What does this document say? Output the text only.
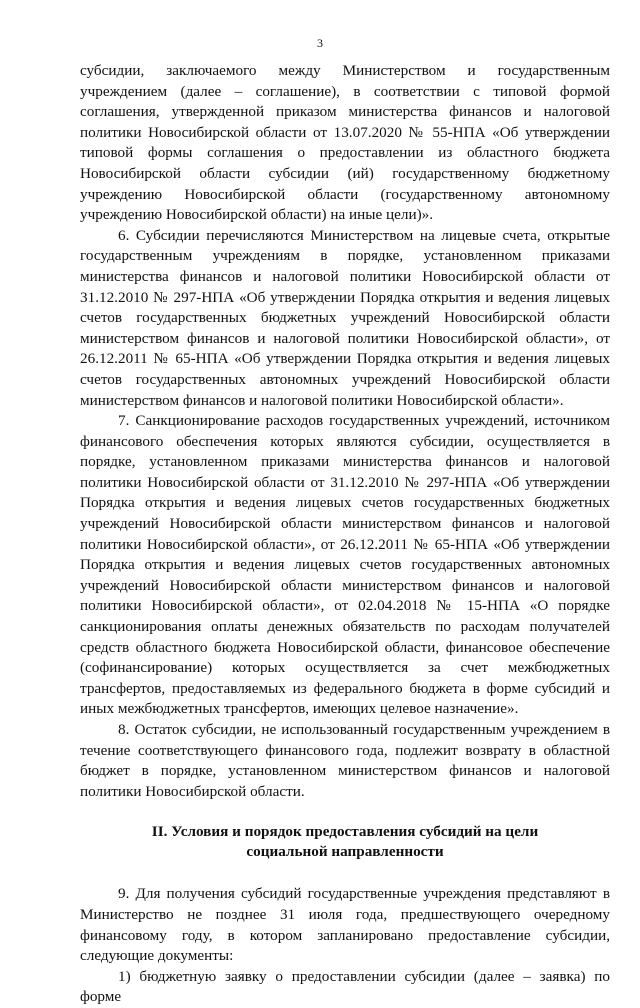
3

субсидии, заключаемого между Министерством и государственным учреждением (далее – соглашение), в соответствии с типовой формой соглашения, утвержденной приказом министерства финансов и налоговой политики Новосибирской области от 13.07.2020 № 55-НПА «Об утверждении типовой формы соглашения о предоставлении из областного бюджета Новосибирской области субсидии (ий) государственному бюджетному учреждению Новосибирской области (государственному автономному учреждению Новосибирской области) на иные цели)».

6. Субсидии перечисляются Министерством на лицевые счета, открытые государственным учреждениям в порядке, установленном приказами министерства финансов и налоговой политики Новосибирской области от 31.12.2010 № 297-НПА «Об утверждении Порядка открытия и ведения лицевых счетов государственных бюджетных учреждений Новосибирской области министерством финансов и налоговой политики Новосибирской области», от 26.12.2011 № 65-НПА «Об утверждении Порядка открытия и ведения лицевых счетов государственных автономных учреждений Новосибирской области министерством финансов и налоговой политики Новосибирской области».

7. Санкционирование расходов государственных учреждений, источником финансового обеспечения которых являются субсидии, осуществляется в порядке, установленном приказами министерства финансов и налоговой политики Новосибирской области от 31.12.2010 № 297-НПА «Об утверждении Порядка открытия и ведения лицевых счетов государственных бюджетных учреждений Новосибирской области министерством финансов и налоговой политики Новосибирской области», от 26.12.2011 № 65-НПА «Об утверждении Порядка открытия и ведения лицевых счетов государственных автономных учреждений Новосибирской области министерством финансов и налоговой политики Новосибирской области», от 02.04.2018 № 15-НПА «О порядке санкционирования оплаты денежных обязательств по расходам получателей средств областного бюджета Новосибирской области, финансовое обеспечение (софинансирование) которых осуществляется за счет межбюджетных трансфертов, предоставляемых из федерального бюджета в форме субсидий и иных межбюджетных трансфертов, имеющих целевое назначение».

8. Остаток субсидии, не использованный государственным учреждением в течение соответствующего финансового года, подлежит возврату в областной бюджет в порядке, установленном министерством финансов и налоговой политики Новосибирской области.

II. Условия и порядок предоставления субсидий на цели
социальной направленности

9. Для получения субсидий государственные учреждения представляют в Министерство не позднее 31 июля года, предшествующего очередному финансовому году, в котором запланировано предоставление субсидии, следующие документы:

1) бюджетную заявку о предоставлении субсидии (далее – заявка) по форме
